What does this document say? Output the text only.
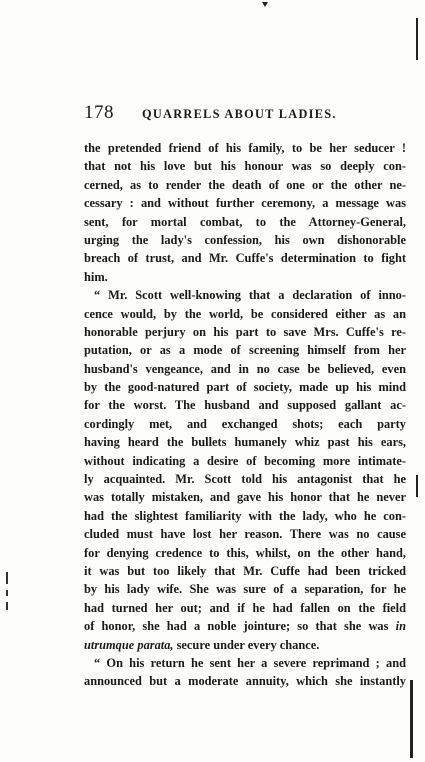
178 QUARRELS ABOUT LADIES.
the pretended friend of his family, to be her seducer !
that not his love but his honour was so deeply con-
cerned, as to render the death of one or the other ne-
cessary : and without further ceremony, a message was
sent, for mortal combat, to the Attorney-General,
urging the lady's confession, his own dishonorable
breach of trust, and Mr. Cuffe's determination to fight
him.
“ Mr. Scott well-knowing that a declaration of inno-
cence would, by the world, be considered either as an
honorable perjury on his part to save Mrs. Cuffe's re-
putation, or as a mode of screening himself from her
husband's vengeance, and in no case be believed, even
by the good-natured part of society, made up his mind
for the worst. The husband and supposed gallant ac-
cordingly met, and exchanged shots; each party
having heard the bullets humanely whiz past his ears,
without indicating a desire of becoming more intimate-
ly acquainted. Mr. Scott told his antagonist that he
was totally mistaken, and gave his honor that he never
had the slightest familiarity with the lady, who he con-
cluded must have lost her reason. There was no cause
for denying credence to this, whilst, on the other hand,
it was but too likely that Mr. Cuffe had been tricked
by his lady wife. She was sure of a separation, for he
had turned her out; and if he had fallen on the field
of honor, she had a noble jointure; so that she was in
utrumque parata, secure under every chance.
“ On his return he sent her a severe reprimand ; and
announced but a moderate annuity, which she instantly
